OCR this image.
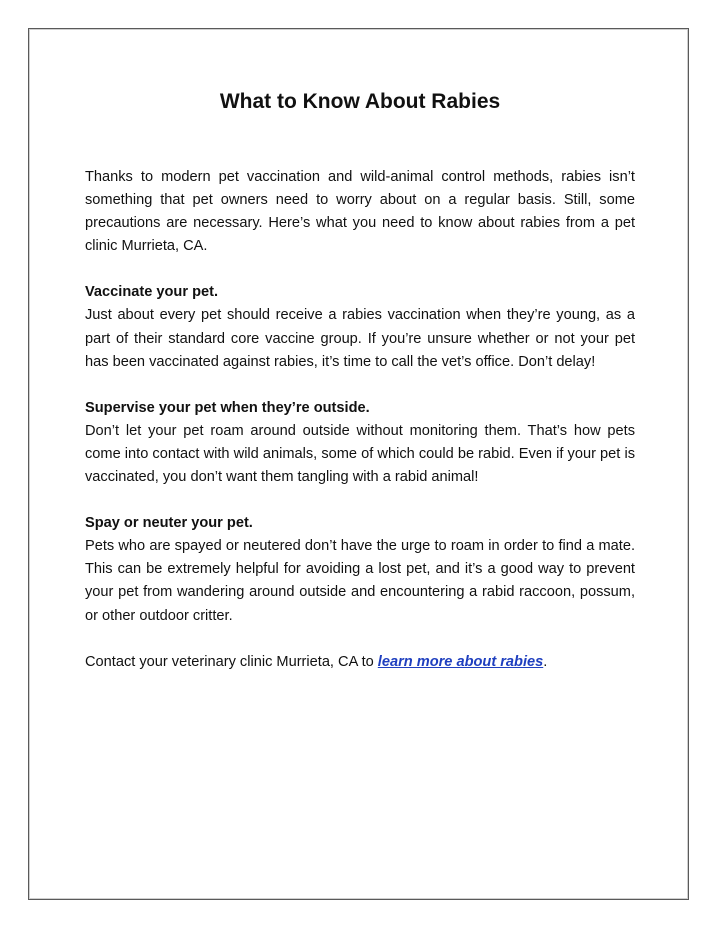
What to Know About Rabies

Thanks to modern pet vaccination and wild-animal control methods, rabies isn’t something that pet owners need to worry about on a regular basis. Still, some precautions are necessary. Here’s what you need to know about rabies from a pet clinic Murrieta, CA.

Vaccinate your pet.

Just about every pet should receive a rabies vaccination when they’re young, as a part of their standard core vaccine group. If you’re unsure whether or not your pet has been vaccinated against rabies, it’s time to call the vet’s office. Don’t delay!

Supervise your pet when they’re outside.

Don’t let your pet roam around outside without monitoring them. That’s how pets come into contact with wild animals, some of which could be rabid. Even if your pet is vaccinated, you don’t want them tangling with a rabid animal!

Spay or neuter your pet.

Pets who are spayed or neutered don’t have the urge to roam in order to find a mate. This can be extremely helpful for avoiding a lost pet, and it’s a good way to prevent your pet from wandering around outside and encountering a rabid raccoon, possum, or other outdoor critter.

Contact your veterinary clinic Murrieta, CA to learn more about rabies.
